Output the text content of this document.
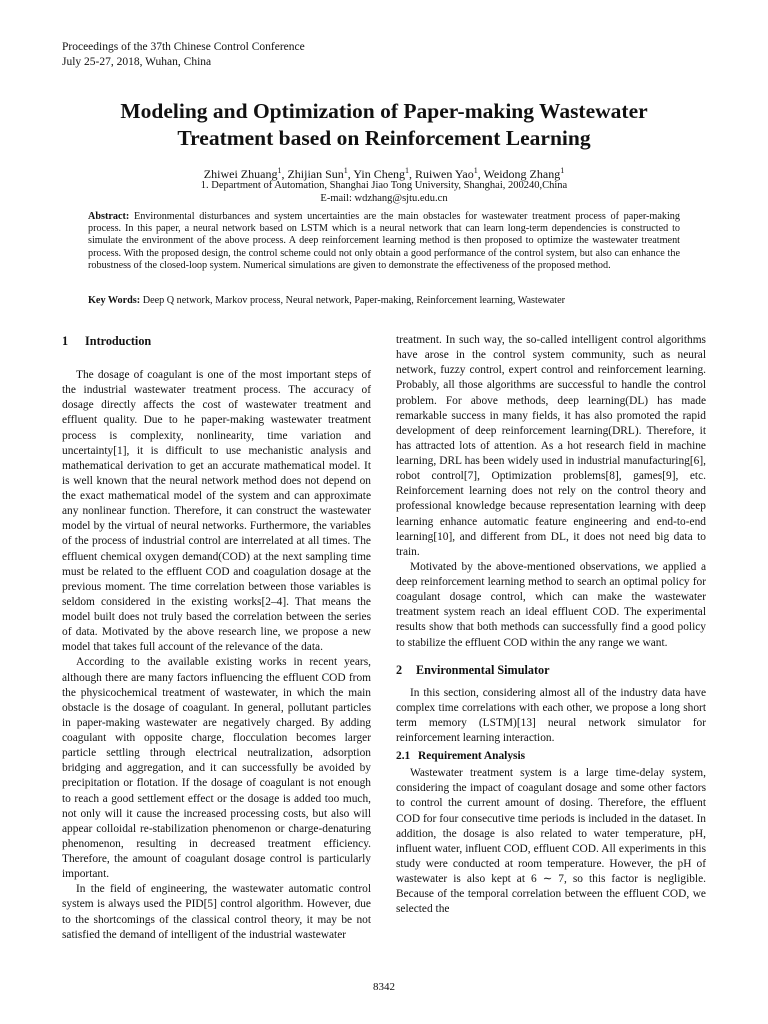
Proceedings of the 37th Chinese Control Conference
July 25-27, 2018, Wuhan, China
Modeling and Optimization of Paper-making Wastewater
Treatment based on Reinforcement Learning
Zhiwei Zhuang$^1$, Zhijian Sun$^1$, Yin Cheng$^1$, Ruiwen Yao$^1$, Weidong Zhang$^1$
1. Department of Automation, Shanghai Jiao Tong University, Shanghai, 200240,China
E-mail: wdzhang@sjtu.edu.cn

Abstract: Environmental disturbances and system uncertainties are the main obstacles for wastewater treatment process of paper-making process. In this paper, a neural network based on LSTM which is a neural network that can learn long-term dependencies is constructed to simulate the environment of the above process. A deep reinforcement learning method is then proposed to optimize the wastewater treatment process. With the proposed design, the control scheme could not only obtain a good performance of the control system, but also can enhance the robustness of the closed-loop system. Numerical simulations are given to demonstrate the effectiveness of the proposed method.

Key Words: Deep Q network, Markov process, Neural network, Paper-making, Reinforcement learning, Wastewater

1 Introduction

The dosage of coagulant is one of the most important steps of the industrial wastewater treatment process. The accuracy of dosage directly affects the cost of wastewater treatment and effluent quality. Due to he paper-making wastewater treatment process is complexity, nonlinearity, time variation and uncertainty[1], it is difficult to use mechanistic analysis and mathematical derivation to get an accurate mathematical model. It is well known that the neural network method does not depend on the exact mathematical model of the system and can approximate any nonlinear function. Therefore, it can construct the wastewater model by the virtual of neural networks. Furthermore, the variables of the process of industrial control are interrelated at all times. The effluent chemical oxygen demand(COD) at the next sampling time must be related to the effluent COD and coagulation dosage at the previous moment. The time correlation between those variables is seldom considered in the existing works[2–4]. That means the model built does not truly based the correlation between the series of data. Motivated by the above research line, we propose a new model that takes full account of the relevance of the data.

According to the available existing works in recent years, although there are many factors influencing the effluent COD from the physicochemical treatment of wastewater, in which the main obstacle is the dosage of coagulant. In general, pollutant particles in paper-making wastewater are negatively charged. By adding coagulant with opposite charge, flocculation becomes larger particle settling through electrical neutralization, adsorption bridging and aggregation, and it can successfully be avoided by precipitation or flotation. If the dosage of coagulant is not enough to reach a good settlement effect or the dosage is added too much, not only will it cause the increased processing costs, but also will appear colloidal re-stabilization phenomenon or charge-denaturing phenomenon, resulting in decreased treatment efficiency. Therefore, the amount of coagulant dosage control is particularly important.

In the field of engineering, the wastewater automatic control system is always used the PID[5] control algorithm. However, due to the shortcomings of the classical control theory, it may be not satisfied the demand of intelligent of the industrial wastewater

treatment. In such way, the so-called intelligent control algorithms have arose in the control system community, such as neural network, fuzzy control, expert control and reinforcement learning. Probably, all those algorithms are successful to handle the control problem. For above methods, deep learning(DL) has made remarkable success in many fields, it has also promoted the rapid development of deep reinforcement learning(DRL). Therefore, it has attracted lots of attention. As a hot research field in machine learning, DRL has been widely used in industrial manufacturing[6], robot control[7], Optimization problems[8], games[9], etc. Reinforcement learning does not rely on the control theory and professional knowledge because representation learning with deep learning enhance automatic feature engineering and end-to-end learning[10], and different from DL, it does not need big data to train.

Motivated by the above-mentioned observations, we applied a deep reinforcement learning method to search an optimal policy for coagulant dosage control, which can make the wastewater treatment system reach an ideal effluent COD. The experimental results show that both methods can successfully find a good policy to stabilize the effluent COD within the any range we want.

2 Environmental Simulator

In this section, considering almost all of the industry data have complex time correlations with each other, we propose a long short term memory (LSTM)[13] neural network simulator for reinforcement learning interaction.

2.1 Requirement Analysis

Wastewater treatment system is a large time-delay system, considering the impact of coagulant dosage and some other factors to control the current amount of dosing. Therefore, the effluent COD for four consecutive time periods is included in the dataset. In addition, the dosage is also related to water temperature, pH, influent water, influent COD, effluent COD. All experiments in this study were conducted at room temperature. However, the pH of wastewater is also kept at 6 ∼ 7, so this factor is negligible. Because of the temporal correlation between the effluent COD, we selected the

8342
